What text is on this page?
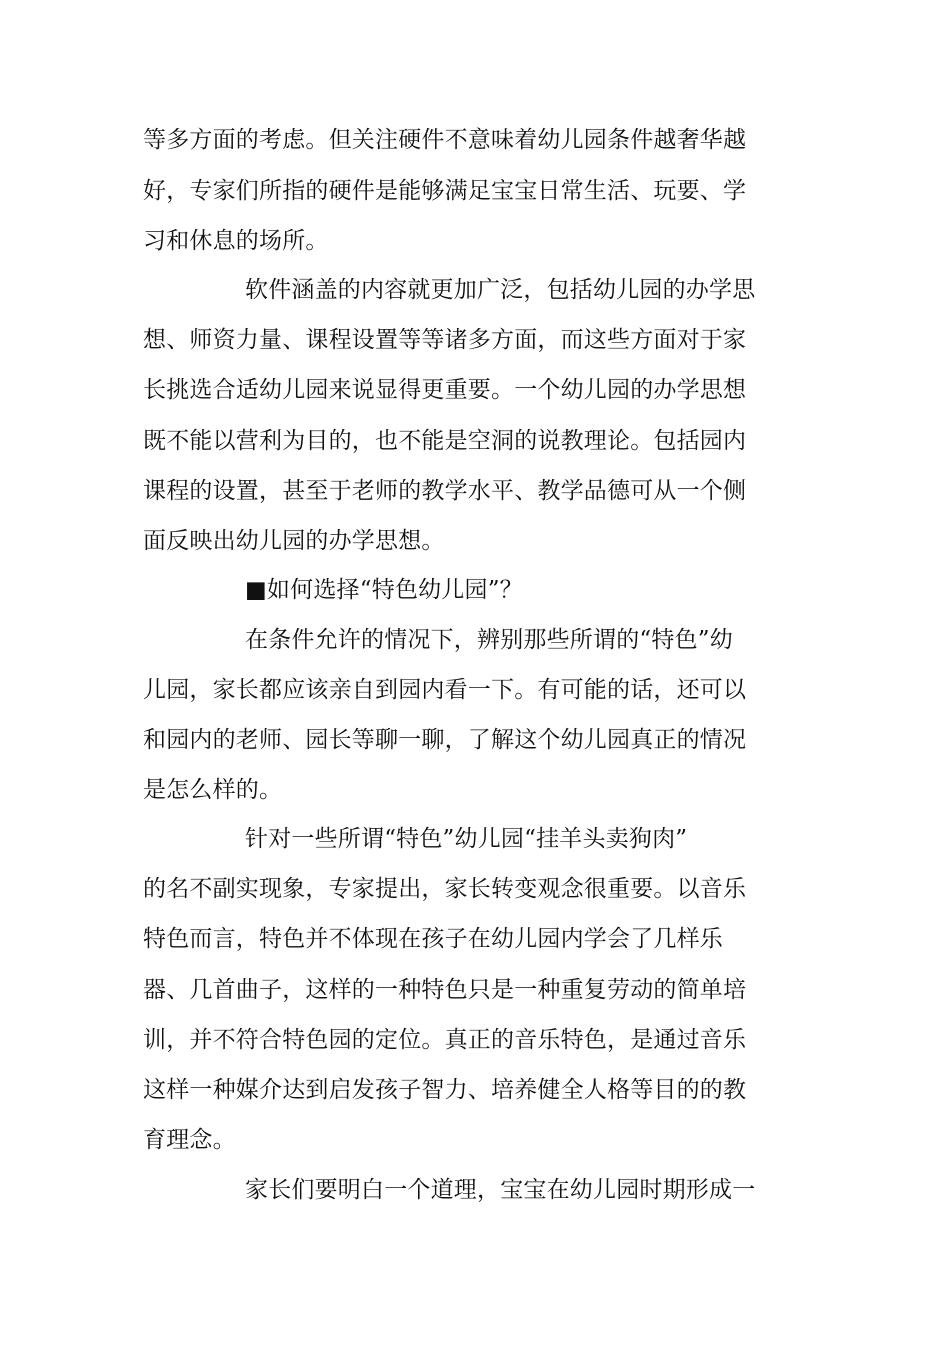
等多方面的考虑。但关注硬件不意味着幼儿园条件越奢华越
好，专家们所指的硬件是能够满足宝宝日常生活、玩要、学
习和休息的场所。
软件涵盖的内容就更加广泛，包括幼儿园的办学思
想、师资力量、课程设置等等诸多方面，而这些方面对于家
长挑选合适幼儿园来说显得更重要。一个幼儿园的办学思想
既不能以营利为目的，也不能是空洞的说教理论。包括园内
课程的设置，甚至于老师的教学水平、教学品德可从一个侧
面反映出幼儿园的办学思想。
■如何选择“特色幼儿园”？
在条件允许的情况下，辨别那些所谓的“特色”幼
儿园，家长都应该亲自到园内看一下。有可能的话，还可以
和园内的老师、园长等聊一聊，了解这个幼儿园真正的情况
是怎么样的。
针对一些所谓“特色”幼儿园“挂羊头卖狗肉”
的名不副实现象，专家提出，家长转变观念很重要。以音乐
特色而言，特色并不体现在孩子在幼儿园内学会了几样乐
器、几首曲子，这样的一种特色只是一种重复劳动的简单培
训，并不符合特色园的定位。真正的音乐特色，是通过音乐
这样一种媒介达到启发孩子智力、培养健全人格等目的的教
育理念。
家长们要明白一个道理，宝宝在幼儿园时期形成一
